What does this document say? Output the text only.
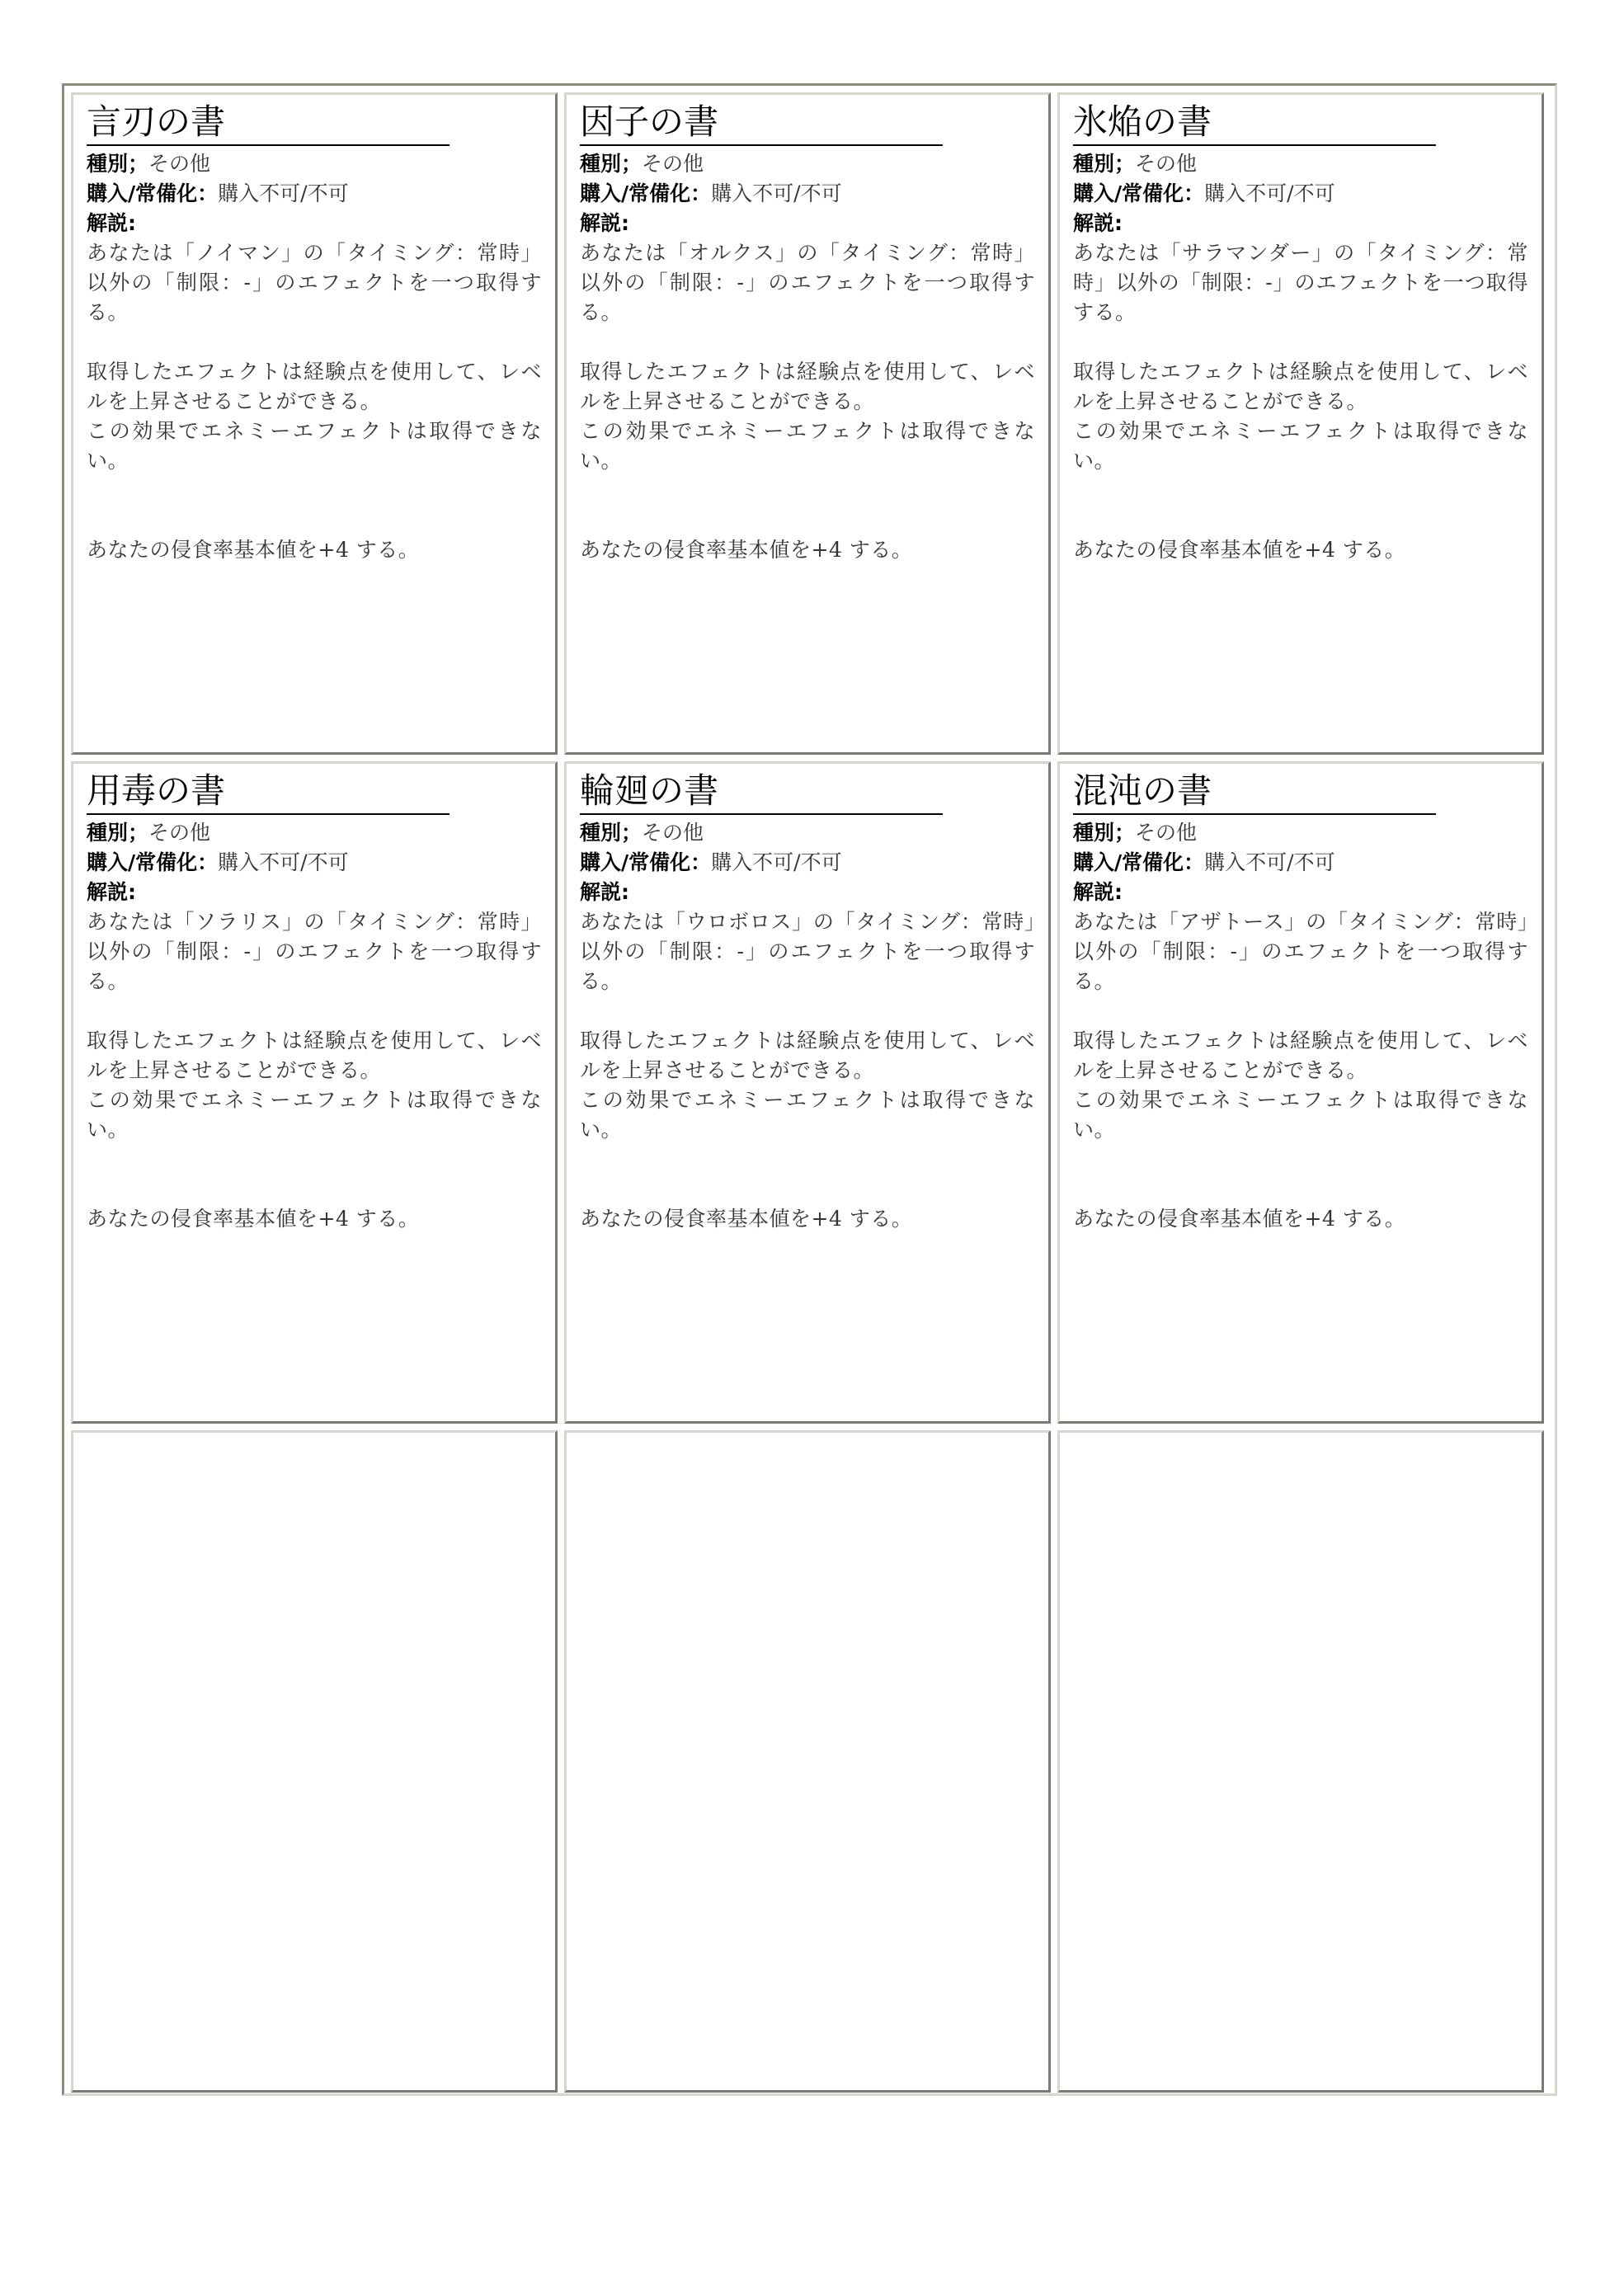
言刃の書
種別；その他
購入/常備化：購入不可/不可
解説:

あなたは「ノイマン」の「タイミング：常時」以外の「制限：-」のエフェクトを一つ取得する。

取得したエフェクトは経験点を使用して、レベルを上昇させることができる。

この効果でエネミーエフェクトは取得できない。

あなたの侵食率基本値を+4 する。

因子の書
種別；その他
購入/常備化：購入不可/不可
解説:

あなたは「オルクス」の「タイミング：常時」以外の「制限：-」のエフェクトを一つ取得する。

取得したエフェクトは経験点を使用して、レベルを上昇させることができる。

この効果でエネミーエフェクトは取得できない。

あなたの侵食率基本値を+4 する。

氷焔の書
種別；その他
購入/常備化：購入不可/不可
解説:

あなたは「サラマンダー」の「タイミング：常時」以外の「制限：-」のエフェクトを一つ取得する。

取得したエフェクトは経験点を使用して、レベルを上昇させることができる。

この効果でエネミーエフェクトは取得できない。

あなたの侵食率基本値を+4 する。

用毒の書
種別；その他
購入/常備化：購入不可/不可
解説:

あなたは「ソラリス」の「タイミング：常時」以外の「制限：-」のエフェクトを一つ取得する。

取得したエフェクトは経験点を使用して、レベルを上昇させることができる。

この効果でエネミーエフェクトは取得できない。

あなたの侵食率基本値を+4 する。

輪廻の書
種別；その他
購入/常備化：購入不可/不可
解説:

あなたは「ウロボロス」の「タイミング：常時」以外の「制限：-」のエフェクトを一つ取得する。

取得したエフェクトは経験点を使用して、レベルを上昇させることができる。

この効果でエネミーエフェクトは取得できない。

あなたの侵食率基本値を+4 する。

混沌の書
種別；その他
購入/常備化：購入不可/不可
解説:

あなたは「アザトース」の「タイミング：常時」以外の「制限：-」のエフェクトを一つ取得する。

取得したエフェクトは経験点を使用して、レベルを上昇させることができる。

この効果でエネミーエフェクトは取得できない。

あなたの侵食率基本値を+4 する。
